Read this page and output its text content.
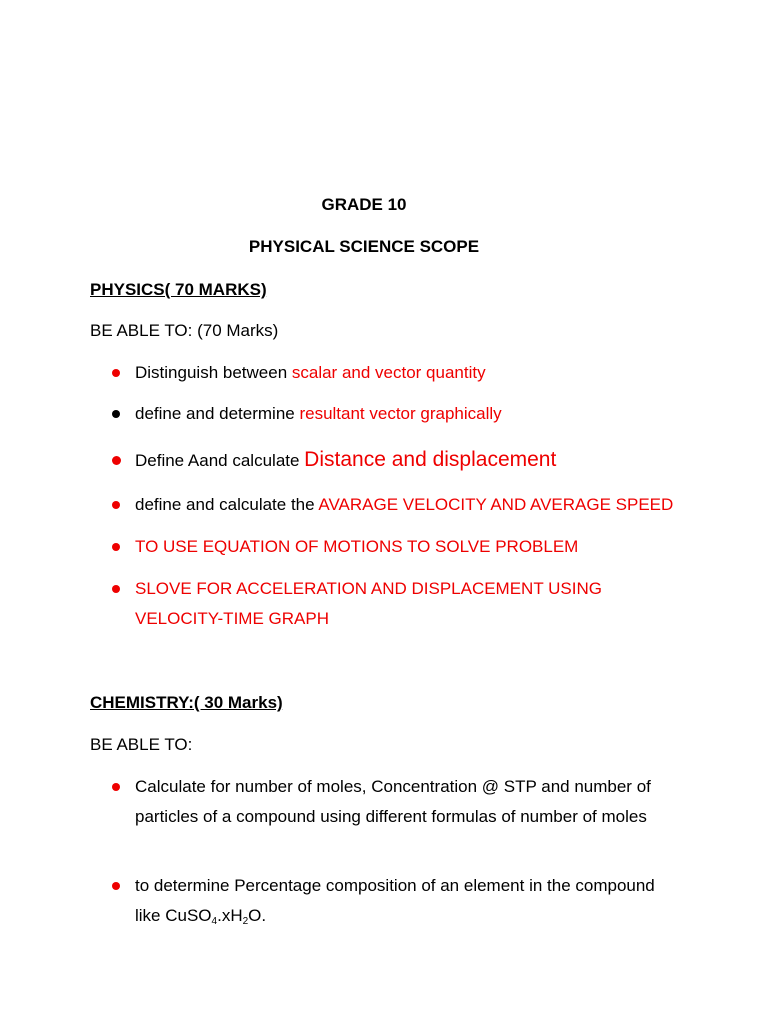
GRADE 10
PHYSICAL SCIENCE SCOPE
PHYSICS( 70 MARKS)
BE ABLE TO: (70 Marks)
Distinguish between scalar and vector quantity
define and determine resultant vector graphically
Define Aand calculate Distance and displacement
define and calculate the AVARAGE VELOCITY AND AVERAGE SPEED
TO USE EQUATION OF MOTIONS TO SOLVE PROBLEM
SLOVE FOR ACCELERATION AND DISPLACEMENT USING VELOCITY-TIME GRAPH
CHEMISTRY:( 30 Marks)
BE ABLE TO:
Calculate for number of moles, Concentration @ STP and number of particles of a compound using different formulas of number of moles
to determine Percentage composition of an element in the compound like $CuSO_4.xH_2O$.
